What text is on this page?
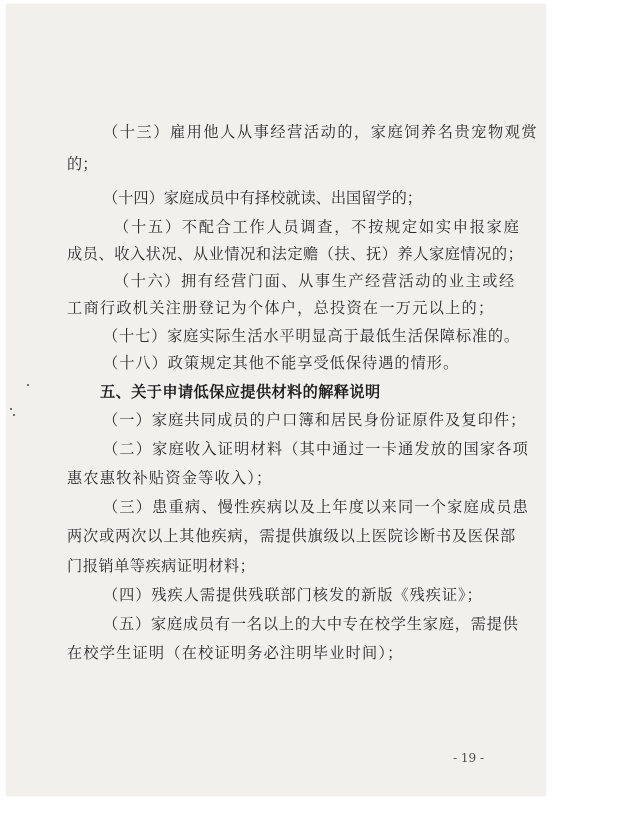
（十三）雇用他人从事经营活动的，家庭饲养名贵宠物观赏
的；
（十四）家庭成员中有择校就读、出国留学的；
（十五）不配合工作人员调查，不按规定如实申报家庭
成员、收入状况、从业情况和法定赡（扶、抚）养人家庭情况的；
（十六）拥有经营门面、从事生产经营活动的业主或经
工商行政机关注册登记为个体户，总投资在一万元以上的；
（十七）家庭实际生活水平明显高于最低生活保障标准的。
（十八）政策规定其他不能享受低保待遇的情形。
五、关于申请低保应提供材料的解释说明
（一）家庭共同成员的户口簿和居民身份证原件及复印件；
（二）家庭收入证明材料（其中通过一卡通发放的国家各项
惠农惠牧补贴资金等收入）；
（三）患重病、慢性疾病以及上年度以来同一个家庭成员患
两次或两次以上其他疾病，需提供旗级以上医院诊断书及医保部
门报销单等疾病证明材料；
（四）残疾人需提供残联部门核发的新版《残疾证》；
（五）家庭成员有一名以上的大中专在校学生家庭，需提供
在校学生证明（在校证明务必注明毕业时间）；
- 19 -
